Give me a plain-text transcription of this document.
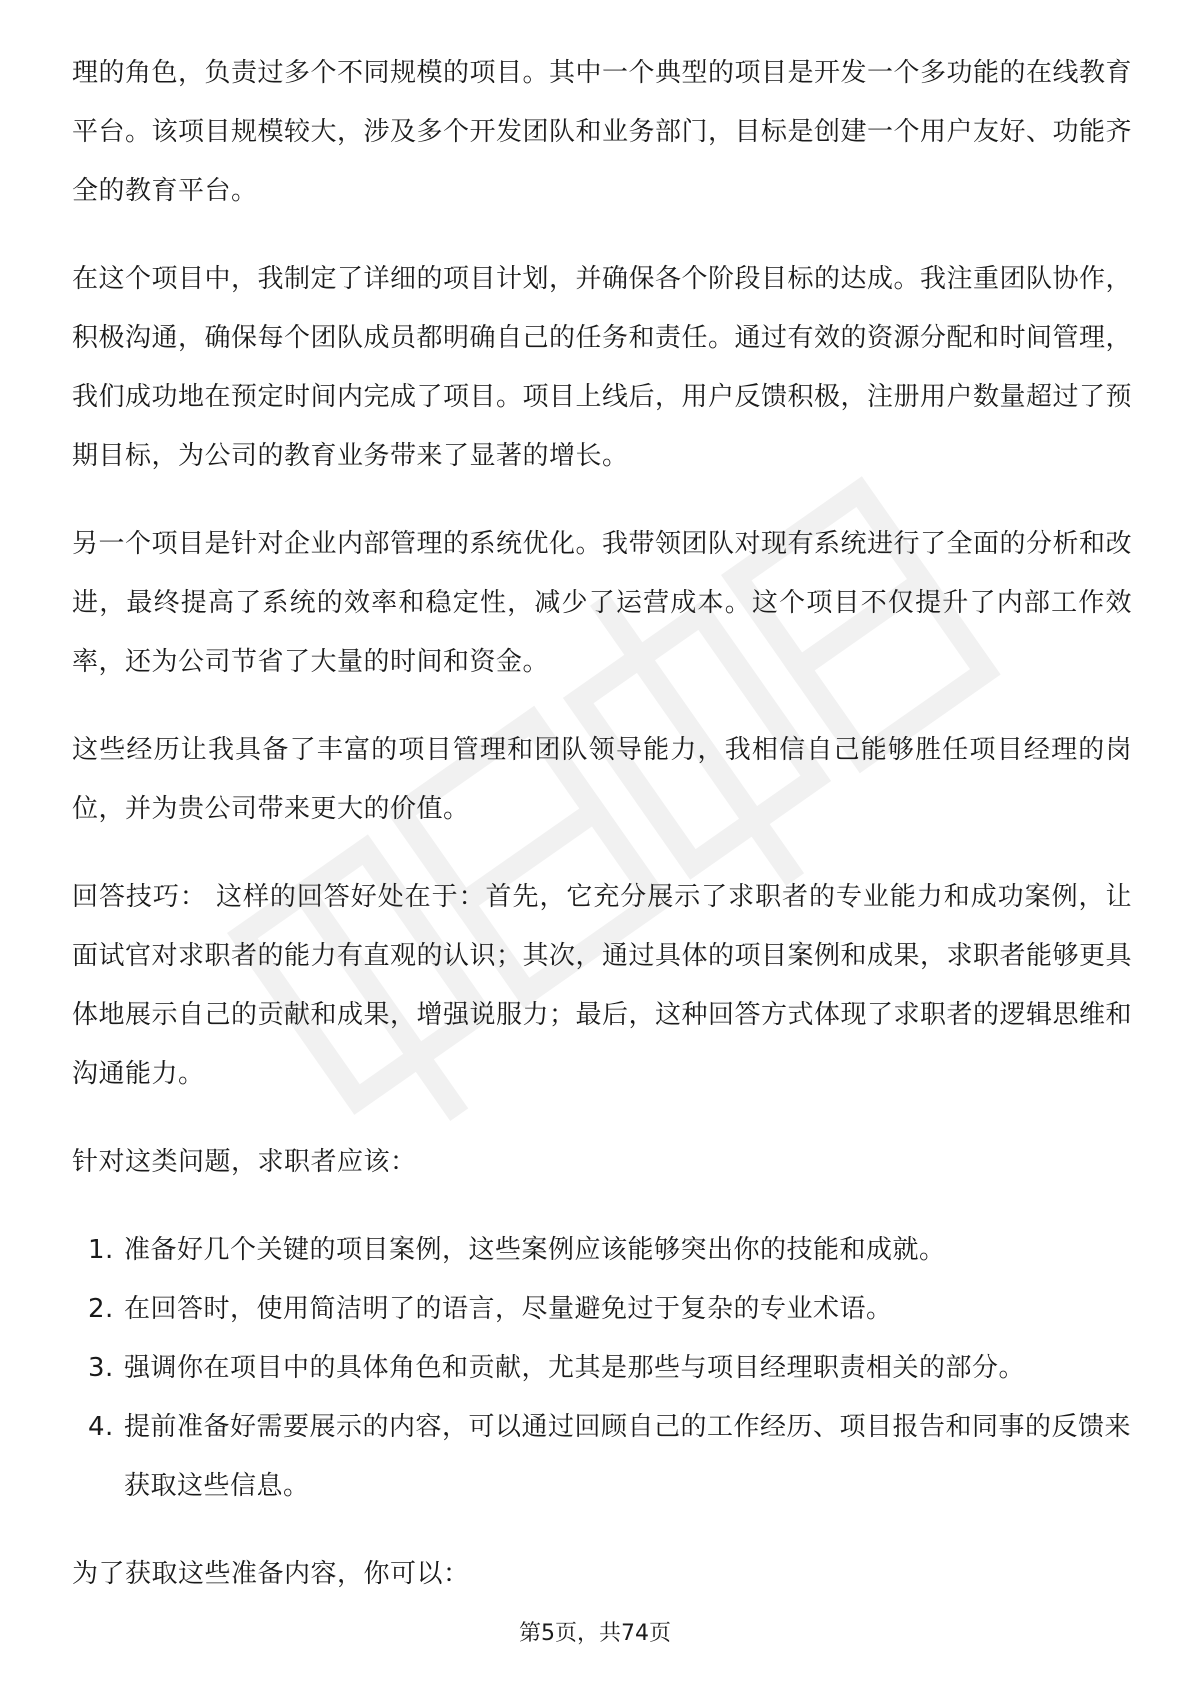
理的角色，负责过多个不同规模的项目。其中一个典型的项目是开发一个多功能的在线教育平台。该项目规模较大，涉及多个开发团队和业务部门，目标是创建一个用户友好、功能齐全的教育平台。

在这个项目中，我制定了详细的项目计划，并确保各个阶段目标的达成。我注重团队协作，积极沟通，确保每个团队成员都明确自己的任务和责任。通过有效的资源分配和时间管理，我们成功地在预定时间内完成了项目。项目上线后，用户反馈积极，注册用户数量超过了预期目标，为公司的教育业务带来了显著的增长。

另一个项目是针对企业内部管理的系统优化。我带领团队对现有系统进行了全面的分析和改进，最终提高了系统的效率和稳定性，减少了运营成本。这个项目不仅提升了内部工作效率，还为公司节省了大量的时间和资金。

这些经历让我具备了丰富的项目管理和团队领导能力，我相信自己能够胜任项目经理的岗位，并为贵公司带来更大的价值。

回答技巧： 这样的回答好处在于：首先，它充分展示了求职者的专业能力和成功案例，让面试官对求职者的能力有直观的认识；其次，通过具体的项目案例和成果，求职者能够更具体地展示自己的贡献和成果，增强说服力；最后，这种回答方式体现了求职者的逻辑思维和沟通能力。

针对这类问题，求职者应该：

1. 准备好几个关键的项目案例，这些案例应该能够突出你的技能和成就。
2. 在回答时，使用简洁明了的语言，尽量避免过于复杂的专业术语。
3. 强调你在项目中的具体角色和贡献，尤其是那些与项目经理职责相关的部分。
4. 提前准备好需要展示的内容，可以通过回顾自己的工作经历、项目报告和同事的反馈来获取这些信息。

为了获取这些准备内容，你可以：

第5页，共74页
